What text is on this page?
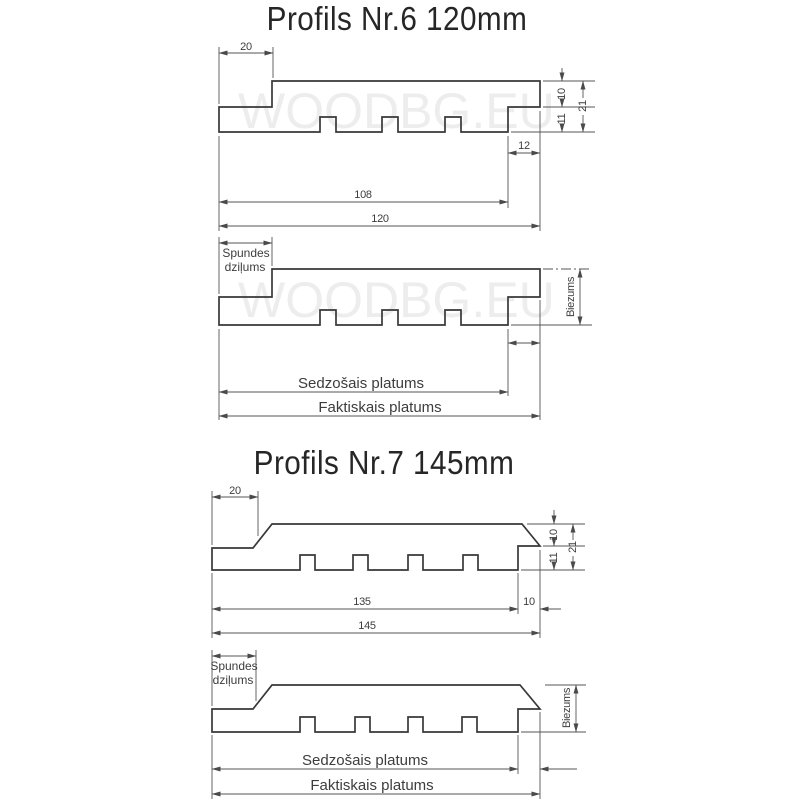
WOODBG.EU
WOODBG.EU
Profils Nr.6 120mm
Profils Nr.7 145mm
20
10
11
21
12
108
120
Spundes
dziļums
Biezums
Sedzošais platums
Faktiskais platums
20
10
11
21
135	10
145
Spundes
dziļums
Biezums
Sedzošais platums
Faktiskais platums
